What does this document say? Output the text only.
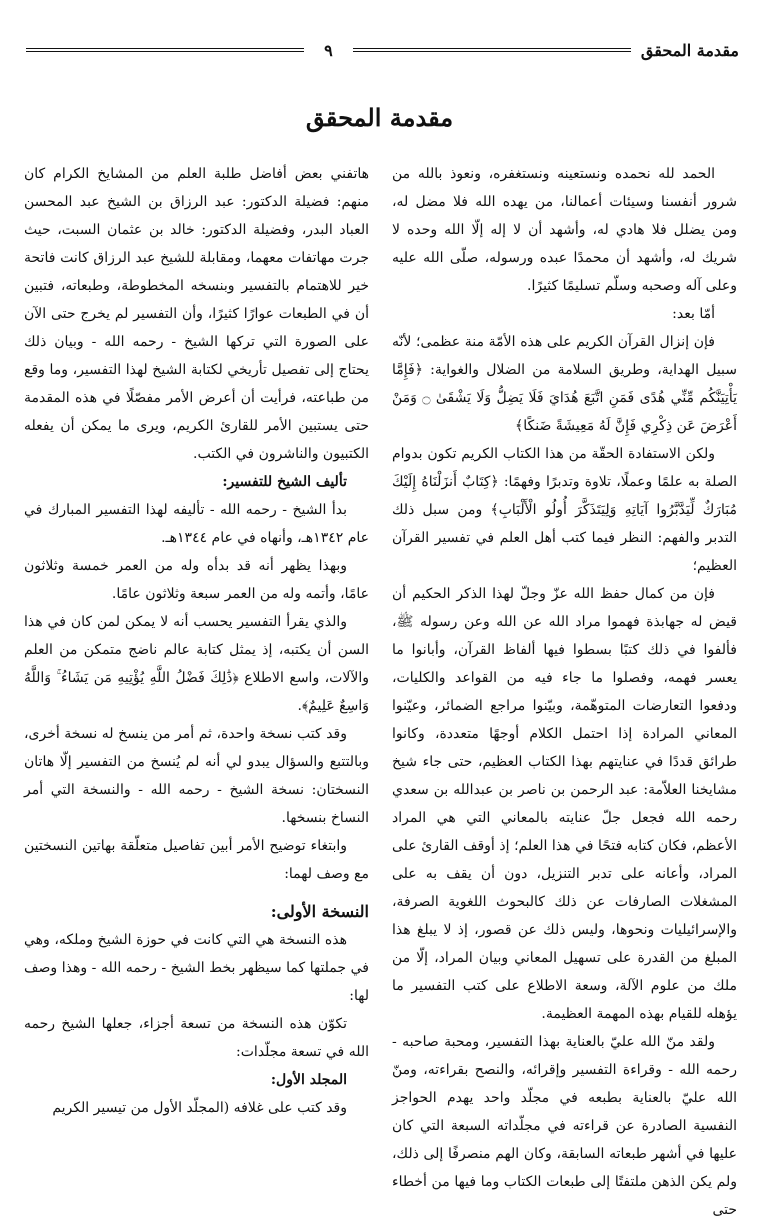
مقدمة المحقق
٩
مقدمة المحقق

الحمد لله نحمده ونستعينه ونستغفره، ونعوذ بالله من شرور أنفسنا وسيئات أعمالنا، من يهده الله فلا مضل له، ومن يضلل فلا هادي له، وأشهد أن لا إله إلّا الله وحده لا شريك له، وأشهد أن محمدًا عبده ورسوله، صلّى الله عليه وعلى آله وصحبه وسلّم تسليمًا كثيرًا.

أمّا بعد:

فإن إنزال القرآن الكريم على هذه الأمّة منة عظمى؛ لأنّه سبيل الهداية، وطريق السلامة من الضلال والغواية: ﴿فَإِمَّا يَأْتِيَنَّكُم مِّنِّي هُدًى فَمَنِ اتَّبَعَ هُدَايَ فَلَا يَضِلُّ وَلَا يَشْقَىٰ ۝ وَمَنْ أَعْرَضَ عَن ذِكْرِي فَإِنَّ لَهُ مَعِيشَةً ضَنكًا﴾

ولكن الاستفادة الحقّة من هذا الكتاب الكريم تكون بدوام الصلة به علمًا وعملًا، تلاوة وتدبرًا وفهمًا: ﴿كِتَابٌ أَنزَلْنَاهُ إِلَيْكَ مُبَارَكٌ لِّيَدَّبَّرُوا آيَاتِهِ وَلِيَتَذَكَّرَ أُولُو الْأَلْبَابِ﴾ ومن سبل ذلك التدبر والفهم: النظر فيما كتب أهل العلم في تفسير القرآن العظيم؛

فإن من كمال حفظ الله عزّ وجلّ لهذا الذكر الحكيم أن قيض له جهابذة فهموا مراد الله عن الله وعن رسوله ﷺ، فألفوا في ذلك كتبًا بسطوا فيها ألفاظ القرآن، وأبانوا ما يعسر فهمه، وفصلوا ما جاء فيه من القواعد والكليات، ودفعوا التعارضات المتوهّمة، وبيّنوا مراجع الضمائر، وعيّنوا المعاني المرادة إذا احتمل الكلام أوجهًا متعددة، وكانوا طرائق قددًا في عنايتهم بهذا الكتاب العظيم، حتى جاء شيخ مشايخنا العلاّمة: عبد الرحمن بن ناصر بن عبدالله بن سعدي رحمه الله فجعل جلّ عنايته بالمعاني التي هي المراد الأعظم، فكان كتابه فتحًا في هذا العلم؛ إذ أوقف القارئ على المراد، وأعانه على تدبر التنزيل، دون أن يقف به على المشغلات الصارفات عن ذلك كالبحوث اللغوية الصرفة، والإسرائيليات ونحوها، وليس ذلك عن قصور، إذ لا يبلغ هذا المبلغ من القدرة على تسهيل المعاني وبيان المراد، إلّا من ملك من علوم الآلة، وسعة الاطلاع على كتب التفسير ما يؤهله للقيام بهذه المهمة العظيمة.

ولقد منّ الله عليّ بالعناية بهذا التفسير، ومحبة صاحبه - رحمه الله - وقراءة التفسير وإقرائه، والنصح بقراءته، ومنّ الله عليّ بالعناية بطبعه في مجلّد واحد يهدم الحواجز النفسية الصادرة عن قراءته في مجلّداته السبعة التي كان عليها في أشهر طبعاته السابقة، وكان الهم منصرفًا إلى ذلك، ولم يكن الذهن ملتفتًا إلى طبعات الكتاب وما فيها من أخطاء حتى

هاتفني بعض أفاضل طلبة العلم من المشايخ الكرام كان منهم: فضيلة الدكتور: عبد الرزاق بن الشيخ عبد المحسن العباد البدر، وفضيلة الدكتور: خالد بن عثمان السبت، حيث جرت مهاتفات معهما، ومقابلة للشيخ عبد الرزاق كانت فاتحة خير للاهتمام بالتفسير وبنسخه المخطوطة، وطبعاته، فتبين أن في الطبعات عوارًا كثيرًا، وأن التفسير لم يخرج حتى الآن على الصورة التي تركها الشيخ - رحمه الله - وبيان ذلك يحتاج إلى تفصيل تأريخي لكتابة الشيخ لهذا التفسير، وما وقع من طباعته، فرأيت أن أعرض الأمر مفصّلًا في هذه المقدمة حتى يستبين الأمر للقارئ الكريم، ويرى ما يمكن أن يفعله الكتبيون والناشرون في الكتب.

تأليف الشيخ للتفسير:

بدأ الشيخ - رحمه الله - تأليفه لهذا التفسير المبارك في عام ١٣٤٢هـ، وأنهاه في عام ١٣٤٤هـ.

وبهذا يظهر أنه قد بدأه وله من العمر خمسة وثلاثون عامًا، وأتمه وله من العمر سبعة وثلاثون عامًا.

والذي يقرأ التفسير يحسب أنه لا يمكن لمن كان في هذا السن أن يكتبه، إذ يمثل كتابة عالم ناضج متمكن من العلم والآلات، واسع الاطلاع ﴿ذَٰلِكَ فَضْلُ اللَّهِ يُؤْتِيهِ مَن يَشَاءُ ۚ وَاللَّهُ وَاسِعٌ عَلِيمٌ﴾.

وقد كتب نسخة واحدة، ثم أمر من ينسخ له نسخة أخرى، وبالتتبع والسؤال يبدو لي أنه لم يُنسخ من التفسير إلّا هاتان النسختان: نسخة الشيخ - رحمه الله - والنسخة التي أمر النساخ بنسخها.

وابتغاء توضيح الأمر أبين تفاصيل متعلّقة بهاتين النسختين مع وصف لهما:

النسخة الأولى:

هذه النسخة هي التي كانت في حوزة الشيخ وملكه، وهي في جملتها كما سيظهر بخط الشيخ - رحمه الله - وهذا وصف لها:

تكوّن هذه النسخة من تسعة أجزاء، جعلها الشيخ رحمه الله في تسعة مجلّدات:

المجلد الأول:

وقد كتب على غلافه (المجلّد الأول من تيسير الكريم
